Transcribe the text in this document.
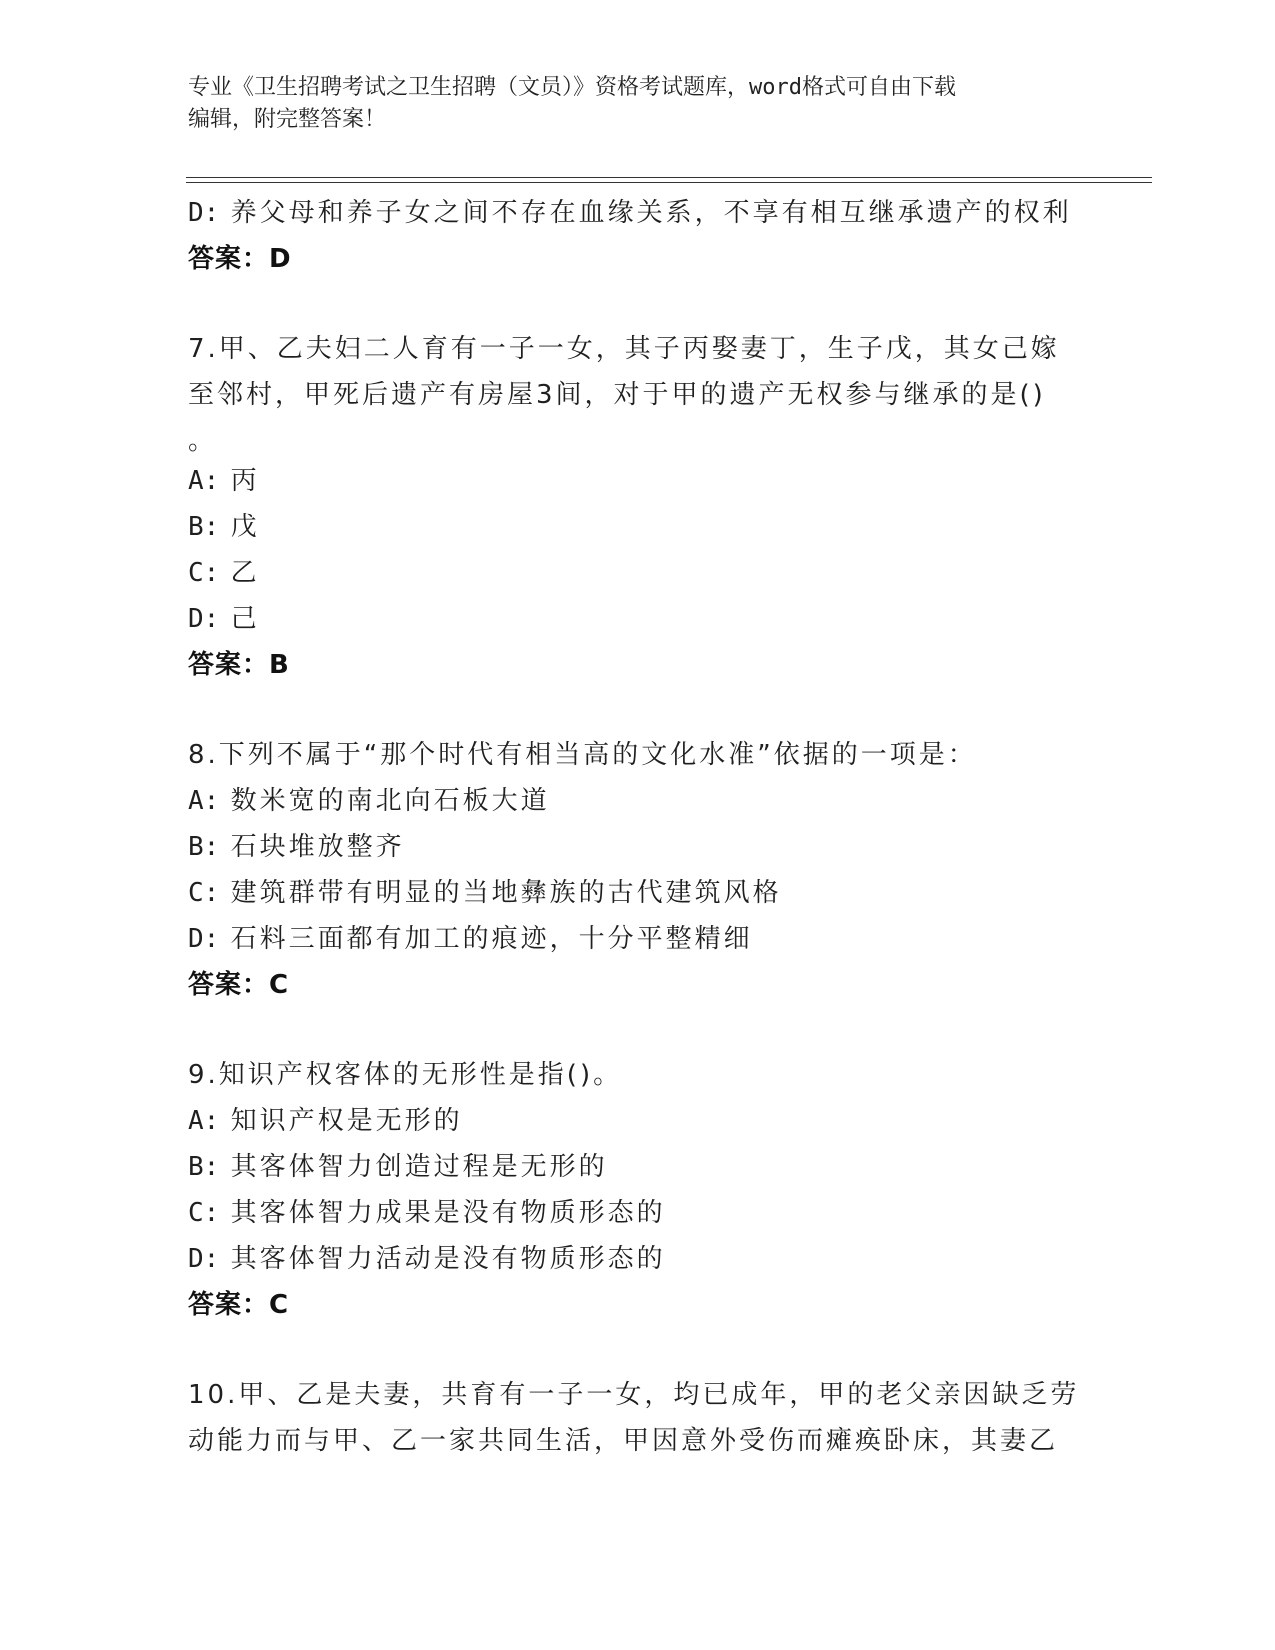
专业《卫生招聘考试之卫生招聘（文员）》资格考试题库，word格式可自由下载
编辑，附完整答案！
D: 养父母和养子女之间不存在血缘关系，不享有相互继承遗产的权利
答案：D
7.甲、乙夫妇二人育有一子一女，其子丙娶妻丁，生子戊，其女己嫁
至邻村，甲死后遗产有房屋3间，对于甲的遗产无权参与继承的是()
。
A: 丙
B: 戊
C: 乙
D: 己
答案：B
8.下列不属于“那个时代有相当高的文化水准”依据的一项是：
A: 数米宽的南北向石板大道
B: 石块堆放整齐
C: 建筑群带有明显的当地彝族的古代建筑风格
D: 石料三面都有加工的痕迹，十分平整精细
答案：C
9.知识产权客体的无形性是指()。
A: 知识产权是无形的
B: 其客体智力创造过程是无形的
C: 其客体智力成果是没有物质形态的
D: 其客体智力活动是没有物质形态的
答案：C
10.甲、乙是夫妻，共育有一子一女，均已成年，甲的老父亲因缺乏劳
动能力而与甲、乙一家共同生活，甲因意外受伤而瘫痪卧床，其妻乙
